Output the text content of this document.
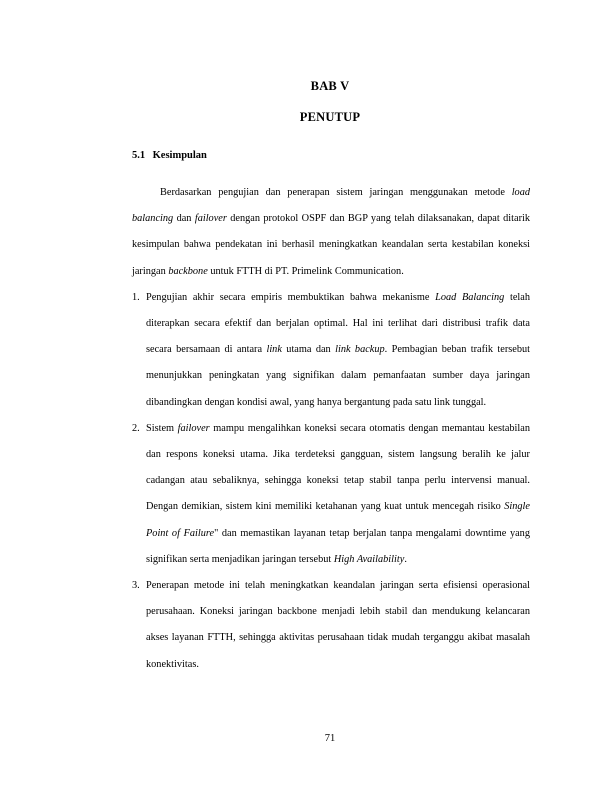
BAB V
PENUTUP
5.1 Kesimpulan

Berdasarkan pengujian dan penerapan sistem jaringan menggunakan metode load balancing dan failover dengan protokol OSPF dan BGP yang telah dilaksanakan, dapat ditarik kesimpulan bahwa pendekatan ini berhasil meningkatkan keandalan serta kestabilan koneksi jaringan backbone untuk FTTH di PT. Primelink Communication.

1. Pengujian akhir secara empiris membuktikan bahwa mekanisme Load Balancing telah diterapkan secara efektif dan berjalan optimal. Hal ini terlihat dari distribusi trafik data secara bersamaan di antara link utama dan link backup. Pembagian beban trafik tersebut menunjukkan peningkatan yang signifikan dalam pemanfaatan sumber daya jaringan dibandingkan dengan kondisi awal, yang hanya bergantung pada satu link tunggal.
2. Sistem failover mampu mengalihkan koneksi secara otomatis dengan memantau kestabilan dan respons koneksi utama. Jika terdeteksi gangguan, sistem langsung beralih ke jalur cadangan atau sebaliknya, sehingga koneksi tetap stabil tanpa perlu intervensi manual. Dengan demikian, sistem kini memiliki ketahanan yang kuat untuk mencegah risiko Single Point of Failure" dan memastikan layanan tetap berjalan tanpa mengalami downtime yang signifikan serta menjadikan jaringan tersebut High Availability.
3. Penerapan metode ini telah meningkatkan keandalan jaringan serta efisiensi operasional perusahaan. Koneksi jaringan backbone menjadi lebih stabil dan mendukung kelancaran akses layanan FTTH, sehingga aktivitas perusahaan tidak mudah terganggu akibat masalah konektivitas.
71
